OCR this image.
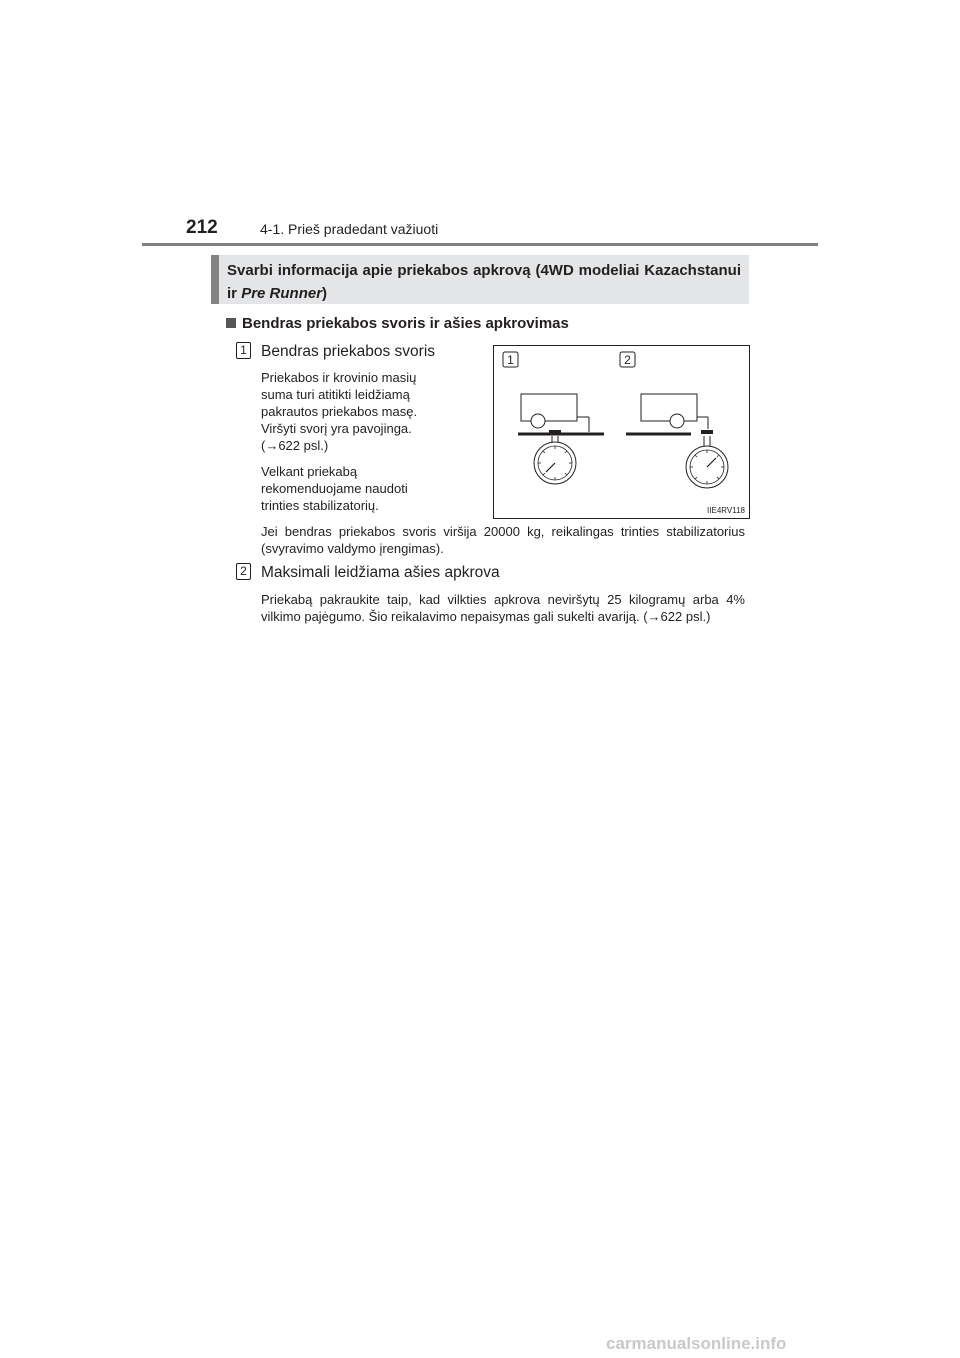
212	4-1. Prieš pradedant važiuoti
Svarbi informacija apie priekabos apkrovą (4WD modeliai Kazachstanui ir Pre Runner)
Bendras priekabos svoris ir ašies apkrovimas
1 Bendras priekabos svoris
Priekabos ir krovinio masių
suma turi atitikti leidžiamą
pakrautos priekabos masę.
Viršyti svorį yra pavojinga.
(→622 psl.)
Velkant priekabą
rekomenduojame naudoti
trinties stabilizatorių.
Jei bendras priekabos svoris viršija 20000 kg, reikalingas trinties stabilizatorius (svyravimo valdymo įrengimas).
1	2
IIE4RV118
2 Maksimali leidžiama ašies apkrova
Priekabą pakraukite taip, kad vilkties apkrova neviršytų 25 kilogramų arba 4% vilkimo pajėgumo. Šio reikalavimo nepaisymas gali sukelti avariją. (→622 psl.)
carmanualsonline.info
